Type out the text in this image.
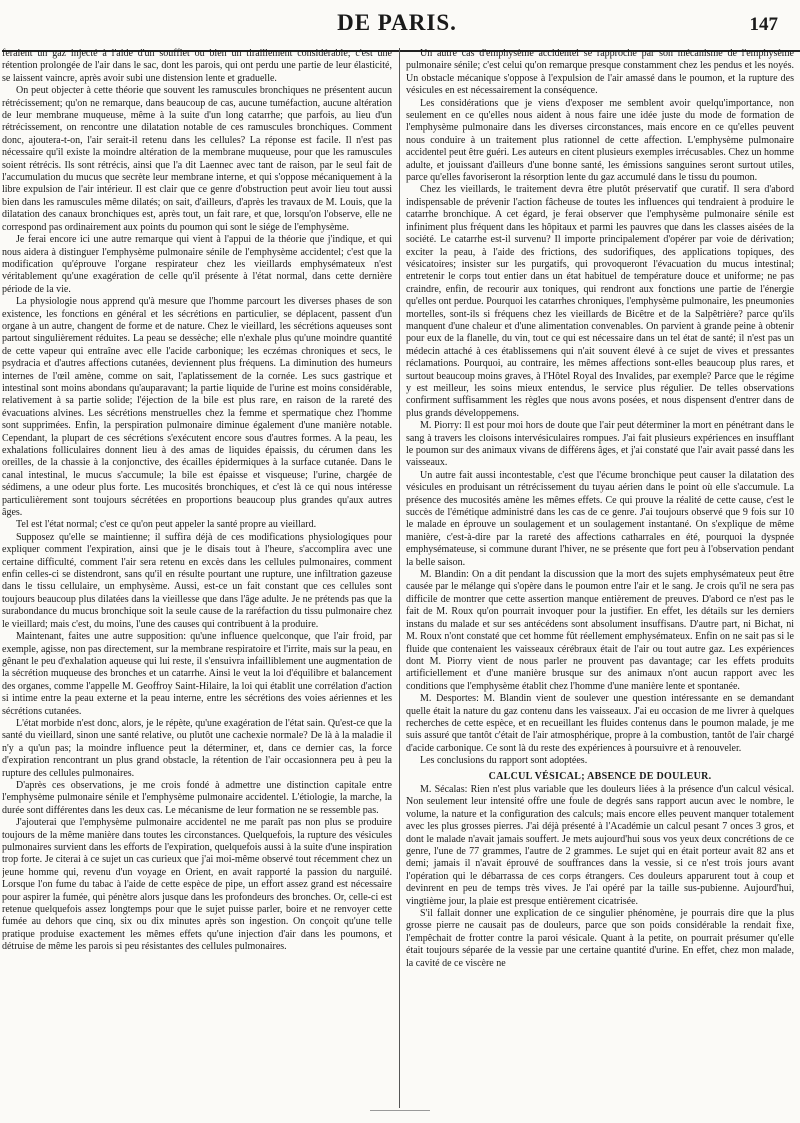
DE PARIS.	147

feraient un gaz injecté à l'aide d'un soufflet ou bien un tiraillement considérable; c'est une rétention prolongée de l'air dans le sac, dont les parois, qui ont perdu une partie de leur élasticité, se laissent vaincre, après avoir subi une distension lente et graduelle.

On peut objecter à cette théorie que souvent les ramuscules bronchiques ne présentent aucun rétrécissement; qu'on ne remarque, dans beaucoup de cas, aucune tuméfaction, aucune altération de leur membrane muqueuse, même à la suite d'un long catarrhe; que parfois, au lieu d'un rétrécissement, on rencontre une dilatation notable de ces ramuscules bronchiques. Comment donc, ajoutera-t-on, l'air serait-il retenu dans les cellules? La réponse est facile. Il n'est pas nécessaire qu'il existe la moindre altération de la membrane muqueuse, pour que les ramuscules soient rétrécis. Ils sont rétrécis, ainsi que l'a dit Laennec avec tant de raison, par le seul fait de l'accumulation du mucus que secrète leur membrane interne, et qui s'oppose mécaniquement à la libre expulsion de l'air intérieur. Il est clair que ce genre d'obstruction peut avoir lieu tout aussi bien dans les ramuscules même dilatés; on sait, d'ailleurs, d'après les travaux de M. Louis, que la dilatation des canaux bronchiques est, après tout, un fait rare, et que, lorsqu'on l'observe, elle ne correspond pas ordinairement aux points du poumon qui sont le siége de l'emphysème.

Je ferai encore ici une autre remarque qui vient à l'appui de la théorie que j'indique, et qui nous aidera à distinguer l'emphysème pulmonaire sénile de l'emphysème accidentel; c'est que la modification qu'éprouve l'organe respirateur chez les vieillards emphysémateux n'est véritablement qu'une exagération de celle qu'il présente à l'état normal, dans cette dernière période de la vie.

La physiologie nous apprend qu'à mesure que l'homme parcourt les diverses phases de son existence, les fonctions en général et les sécrétions en particulier, se déplacent, passent d'un organe à un autre, changent de forme et de nature. Chez le vieillard, les sécrétions aqueuses sont partout singulièrement réduites. La peau se dessèche; elle n'exhale plus qu'une moindre quantité de cette vapeur qui entraîne avec elle l'acide carbonique; les eczémas chroniques et secs, le psydracia et d'autres affections cutanées, deviennent plus fréquens. La diminution des humeurs internes de l'œil amène, comme on sait, l'aplatissement de la cornée. Les sucs gastrique et intestinal sont moins abondans qu'auparavant; la partie liquide de l'urine est moins considérable, relativement à sa partie solide; l'éjection de la bile est plus rare, en raison de la rareté des évacuations alvines. Les sécrétions menstruelles chez la femme et spermatique chez l'homme sont supprimées. Enfin, la perspiration pulmonaire diminue également d'une manière notable. Cependant, la plupart de ces sécrétions s'exécutent encore sous d'autres formes. A la peau, les exhalations folliculaires donnent lieu à des amas de liquides épaissis, du cérumen dans les oreilles, de la chassie à la conjonctive, des écailles épidermiques à la surface cutanée. Dans le canal intestinal, le mucus s'accumule; la bile est épaisse et visqueuse; l'urine, chargée de sédimens, a une odeur plus forte. Les mucosités bronchiques, et c'est là ce qui nous intéresse particulièrement sont toujours sécrétées en proportions beaucoup plus grandes qu'aux autres âges.

Tel est l'état normal; c'est ce qu'on peut appeler la santé propre au vieillard.

Supposez qu'elle se maintienne; il suffira déjà de ces modifications physiologiques pour expliquer comment l'expiration, ainsi que je le disais tout à l'heure, s'accomplira avec une certaine difficulté, comment l'air sera retenu en excès dans les cellules pulmonaires, comment enfin celles-ci se distendront, sans qu'il en résulte pourtant une rupture, une infiltration gazeuse dans le tissu cellulaire, un emphysème. Aussi, est-ce un fait constant que ces cellules sont toujours beaucoup plus dilatées dans la vieillesse que dans l'âge adulte. Je ne prétends pas que la surabondance du mucus bronchique soit la seule cause de la raréfaction du tissu pulmonaire chez le vieillard; mais c'est, du moins, l'une des causes qui contribuent à la produire.

Maintenant, faites une autre supposition: qu'une influence quelconque, que l'air froid, par exemple, agisse, non pas directement, sur la membrane respiratoire et l'irrite, mais sur la peau, en gênant le peu d'exhalation aqueuse qui lui reste, il s'ensuivra infailliblement une augmentation de la sécrétion muqueuse des bronches et un catarrhe. Ainsi le veut la loi d'équilibre et balancement des organes, comme l'appelle M. Geoffroy Saint-Hilaire, la loi qui établit une corrélation d'action si intime entre la peau externe et la peau interne, entre les sécrétions des voies aériennes et les sécrétions cutanées.

L'état morbide n'est donc, alors, je le répète, qu'une exagération de l'état sain. Qu'est-ce que la santé du vieillard, sinon une santé relative, ou plutôt une cachexie normale? De là à la maladie il n'y a qu'un pas; la moindre influence peut la déterminer, et, dans ce dernier cas, la force d'expiration rencontrant un plus grand obstacle, la rétention de l'air occasionnera peu à peu la rupture des cellules pulmonaires.

D'après ces observations, je me crois fondé à admettre une distinction capitale entre l'emphysème pulmonaire sénile et l'emphysème pulmonaire accidentel. L'étiologie, la marche, la durée sont différentes dans les deux cas. Le mécanisme de leur formation ne se ressemble pas.

J'ajouterai que l'emphysème pulmonaire accidentel ne me paraît pas non plus se produire toujours de la même manière dans toutes les circonstances. Quelquefois, la rupture des vésicules pulmonaires survient dans les efforts de l'expiration, quelquefois aussi à la suite d'une inspiration trop forte. Je citerai à ce sujet un cas curieux que j'ai moi-même observé tout récemment chez un jeune homme qui, revenu d'un voyage en Orient, en avait rapporté la passion du narguilé. Lorsque l'on fume du tabac à l'aide de cette espèce de pipe, un effort assez grand est nécessaire pour aspirer la fumée, qui pénètre alors jusque dans les profondeurs des bronches. Or, celle-ci est retenue quelquefois assez longtemps pour que le sujet puisse parler, boire et ne renvoyer cette fumée au dehors que cinq, six ou dix minutes après son ingestion. On conçoit qu'une telle pratique produise exactement les mêmes effets qu'une injection d'air dans les poumons, et détruise de même les parois si peu résistantes des cellules pulmonaires.

Un autre cas d'emphysème accidentel se rapproche par son mécanisme de l'emphysème pulmonaire sénile; c'est celui qu'on remarque presque constamment chez les pendus et les noyés. Un obstacle mécanique s'oppose à l'expulsion de l'air amassé dans le poumon, et la rupture des vésicules en est nécessairement la conséquence.

Les considérations que je viens d'exposer me semblent avoir quelqu'importance, non seulement en ce qu'elles nous aident à nous faire une idée juste du mode de formation de l'emphysème pulmonaire dans les diverses circonstances, mais encore en ce qu'elles peuvent nous conduire à un traitement plus rationnel de cette affection. L'emphysème pulmonaire accidentel peut être guéri. Les auteurs en citent plusieurs exemples irrécusables. Chez un homme adulte, et jouissant d'ailleurs d'une bonne santé, les émissions sanguines seront surtout utiles, parce qu'elles favoriseront la résorption lente du gaz accumulé dans le tissu du poumon.

Chez les vieillards, le traitement devra être plutôt préservatif que curatif. Il sera d'abord indispensable de prévenir l'action fâcheuse de toutes les influences qui tendraient à produire le catarrhe bronchique. A cet égard, je ferai observer que l'emphysème pulmonaire sénile est infiniment plus fréquent dans les hôpitaux et parmi les pauvres que dans les classes aisées de la société. Le catarrhe est-il survenu? Il importe principalement d'opérer par voie de dérivation; exciter la peau, à l'aide des frictions, des sudorifiques, des applications topiques, des vésicatoires; insister sur les purgatifs, qui provoqueront l'évacuation du mucus intestinal; entretenir le corps tout entier dans un état habituel de température douce et uniforme; ne pas craindre, enfin, de recourir aux toniques, qui rendront aux fonctions une partie de l'énergie qu'elles ont perdue. Pourquoi les catarrhes chroniques, l'emphysème pulmonaire, les pneumonies mortelles, sont-ils si fréquens chez les vieillards de Bicêtre et de la Salpêtrière? parce qu'ils manquent d'une chaleur et d'une alimentation convenables. On parvient à grande peine à obtenir pour eux de la flanelle, du vin, tout ce qui est nécessaire dans un tel état de santé; il n'est pas un médecin attaché à ces établissemens qui n'ait souvent élevé à ce sujet de vives et pressantes réclamations. Pourquoi, au contraire, les mêmes affections sont-elles beaucoup plus rares, et surtout beaucoup moins graves, à l'Hôtel Royal des Invalides, par exemple? Parce que le régime y est meilleur, les soins mieux entendus, le service plus régulier. De telles observations confirment suffisamment les règles que nous avons posées, et nous dispensent d'entrer dans de plus grands développemens.

M. Piorry: Il est pour moi hors de doute que l'air peut déterminer la mort en pénétrant dans le sang à travers les cloisons intervésiculaires rompues. J'ai fait plusieurs expériences en insufflant le poumon sur des animaux vivans de différens âges, et j'ai constaté que l'air avait passé dans les vaisseaux.

Un autre fait aussi incontestable, c'est que l'écume bronchique peut causer la dilatation des vésicules en produisant un rétrécissement du tuyau aérien dans le point où elle s'accumule. La présence des mucosités amène les mêmes effets. Ce qui prouve la réalité de cette cause, c'est le succès de l'émétique administré dans les cas de ce genre. J'ai toujours observé que 9 fois sur 10 le malade en éprouve un soulagement et un soulagement instantané. On s'explique de même manière, c'est-à-dire par la rareté des affections catharrales en été, pourquoi la dyspnée emphysémateuse, si commune durant l'hiver, ne se présente que fort peu à l'observation pendant la belle saison.

M. Blandin: On a dit pendant la discussion que la mort des sujets emphysémateux peut être causée par le mélange qui s'opère dans le poumon entre l'air et le sang. Je crois qu'il ne sera pas difficile de montrer que cette assertion manque entièrement de preuves. D'abord ce n'est pas le fait de M. Roux qu'on pourrait invoquer pour la justifier. En effet, les détails sur les derniers instans du malade et sur ses antécédens sont absolument insuffisans. D'autre part, ni Bichat, ni M. Roux n'ont constaté que cet homme fût réellement emphysémateux. Enfin on ne sait pas si le fluide que contenaient les vaisseaux cérébraux était de l'air ou tout autre gaz. Les expériences dont M. Piorry vient de nous parler ne prouvent pas davantage; car les effets produits artificiellement et d'une manière brusque sur des animaux n'ont aucun rapport avec les conditions que l'emphysème établit chez l'homme d'une manière lente et spontanée.

M. Desportes: M. Blandin vient de soulever une question intéressante en se demandant quelle était la nature du gaz contenu dans les vaisseaux. J'ai eu occasion de me livrer à quelques recherches de cette espèce, et en recueillant les fluides contenus dans le poumon malade, je me suis assuré que tantôt c'était de l'air atmosphérique, propre à la combustion, tantôt de l'air chargé d'acide carbonique. Ce sont là du reste des expériences à poursuivre et à renouveler.

Les conclusions du rapport sont adoptées.

CALCUL VÉSICAL; ABSENCE DE DOULEUR.

M. Sécalas: Rien n'est plus variable que les douleurs liées à la présence d'un calcul vésical. Non seulement leur intensité offre une foule de degrés sans rapport aucun avec le nombre, le volume, la nature et la configuration des calculs; mais encore elles peuvent manquer totalement avec les plus grosses pierres. J'ai déjà présenté à l'Académie un calcul pesant 7 onces 3 gros, et dont le malade n'avait jamais souffert. Je mets aujourd'hui sous vos yeux deux concrétions de ce genre, l'une de 77 grammes, l'autre de 2 grammes. Le sujet qui en était porteur avait 82 ans et demi; jamais il n'avait éprouvé de souffrances dans la vessie, si ce n'est trois jours avant l'opération qui le débarrassa de ces corps étrangers. Ces douleurs apparurent tout à coup et devinrent en peu de temps très vives. Je l'ai opéré par la taille sus-pubienne. Aujourd'hui, vingtième jour, la plaie est presque entièrement cicatrisée.

S'il fallait donner une explication de ce singulier phénomène, je pourrais dire que la plus grosse pierre ne causait pas de douleurs, parce que son poids considérable la rendait fixe, l'empêchait de frotter contre la paroi vésicale. Quant à la petite, on pourrait présumer qu'elle était toujours séparée de la vessie par une certaine quantité d'urine. En effet, chez mon malade, la cavité de ce viscère ne
